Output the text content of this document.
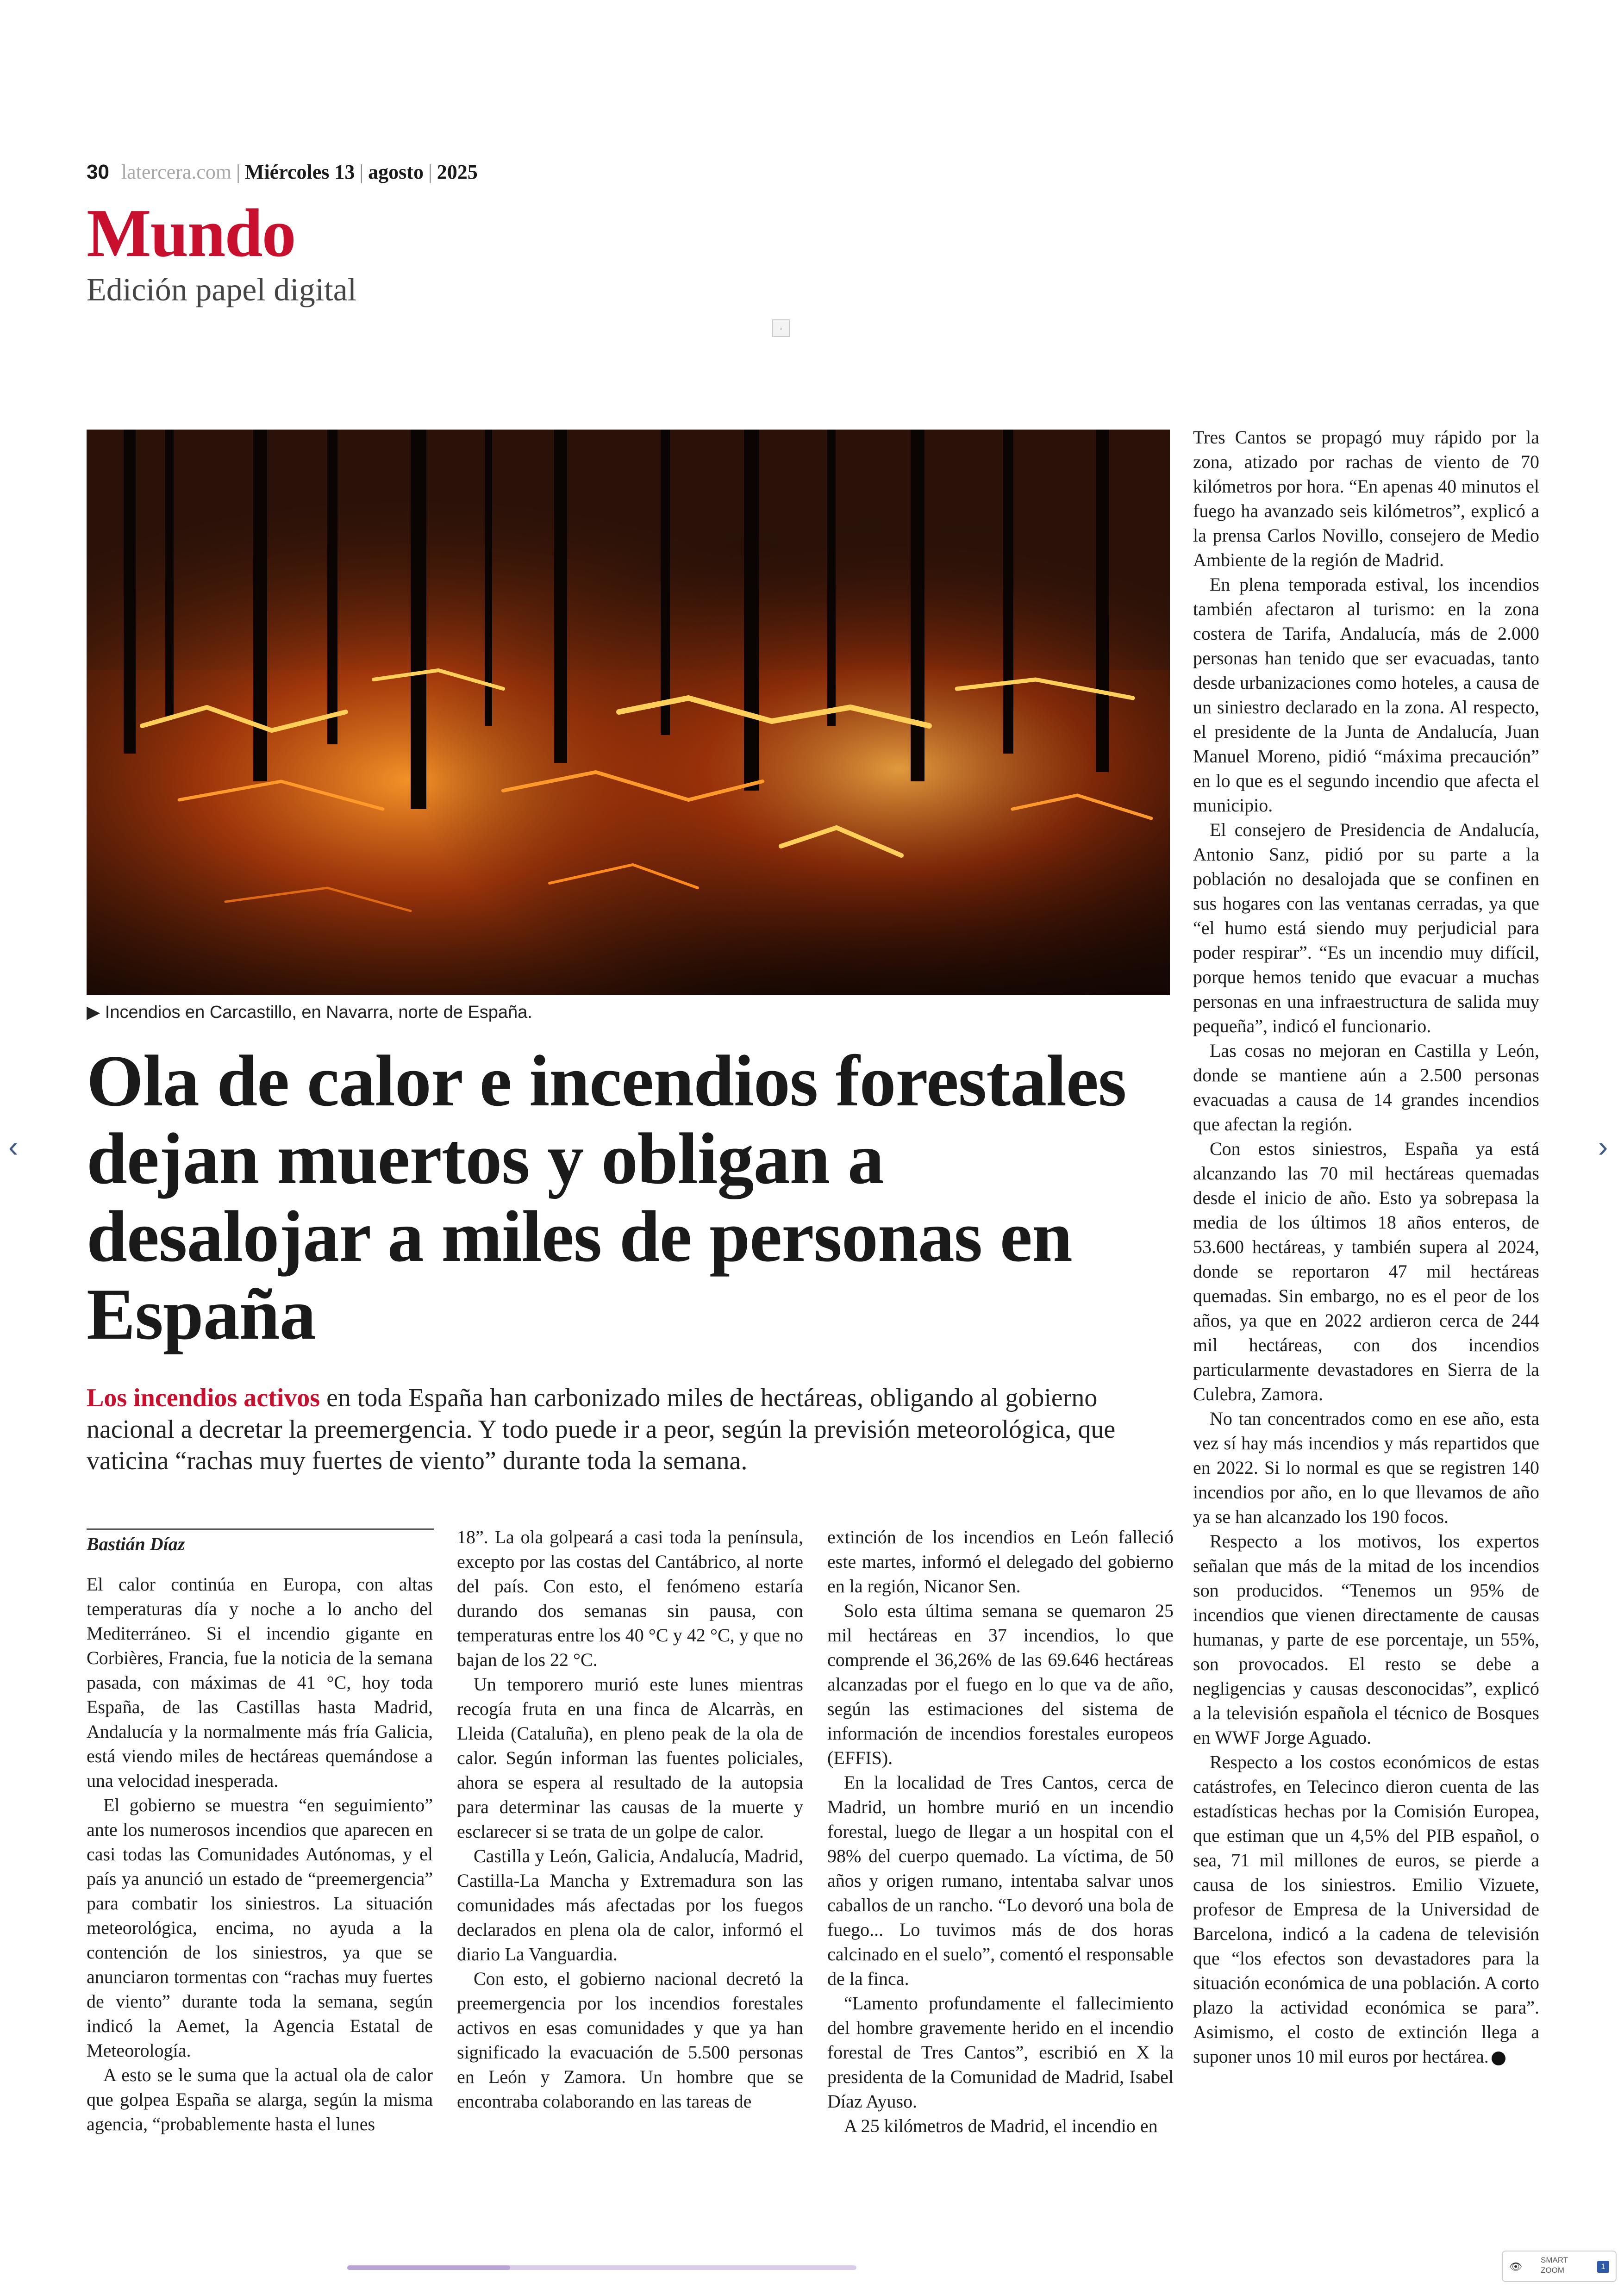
30 latercera.com | Miércoles 13 | agosto | 2025
Mundo
Edición papel digital
▫
▶ Incendios en Carcastillo, en Navarra, norte de España.
Ola de calor e incendios forestales dejan muertos y obligan a desalojar a miles de personas en España
Los incendios activos en toda España han carbonizado miles de hectáreas, obligando al gobierno nacional a decretar la preemergencia. Y todo puede ir a peor, según la previsión meteorológica, que vaticina “rachas muy fuertes de viento” durante toda la semana.
Bastián Díaz

El calor continúa en Europa, con altas temperaturas día y noche a lo ancho del Mediterráneo. Si el incendio gigante en Corbières, Francia, fue la noticia de la semana pasada, con máximas de 41 °C, hoy toda España, de las Castillas hasta Madrid, Andalucía y la normalmente más fría Galicia, está viendo miles de hectáreas quemándose a una velocidad inesperada.

El gobierno se muestra “en seguimiento” ante los numerosos incendios que aparecen en casi todas las Comunidades Autónomas, y el país ya anunció un estado de “preemergencia” para combatir los siniestros. La situación meteorológica, encima, no ayuda a la contención de los siniestros, ya que se anunciaron tormentas con “rachas muy fuertes de viento” durante toda la semana, según indicó la Aemet, la Agencia Estatal de Meteorología.

A esto se le suma que la actual ola de calor que golpea España se alarga, según la misma agencia, “probablemente hasta el lunes

18”. La ola golpeará a casi toda la península, excepto por las costas del Cantábrico, al norte del país. Con esto, el fenómeno estaría durando dos semanas sin pausa, con temperaturas entre los 40 °C y 42 °C, y que no bajan de los 22 °C.

Un temporero murió este lunes mientras recogía fruta en una finca de Alcarràs, en Lleida (Cataluña), en pleno peak de la ola de calor. Según informan las fuentes policiales, ahora se espera al resultado de la autopsia para determinar las causas de la muerte y esclarecer si se trata de un golpe de calor.

Castilla y León, Galicia, Andalucía, Madrid, Castilla-La Mancha y Extremadura son las comunidades más afectadas por los fuegos declarados en plena ola de calor, informó el diario La Vanguardia.

Con esto, el gobierno nacional decretó la preemergencia por los incendios forestales activos en esas comunidades y que ya han significado la evacuación de 5.500 personas en León y Zamora. Un hombre que se encontraba colaborando en las tareas de

extinción de los incendios en León falleció este martes, informó el delegado del gobierno en la región, Nicanor Sen.

Solo esta última semana se quemaron 25 mil hectáreas en 37 incendios, lo que comprende el 36,26% de las 69.646 hectáreas alcanzadas por el fuego en lo que va de año, según las estimaciones del sistema de información de incendios forestales europeos (EFFIS).

En la localidad de Tres Cantos, cerca de Madrid, un hombre murió en un incendio forestal, luego de llegar a un hospital con el 98% del cuerpo quemado. La víctima, de 50 años y origen rumano, intentaba salvar unos caballos de un rancho. “Lo devoró una bola de fuego... Lo tuvimos más de dos horas calcinado en el suelo”, comentó el responsable de la finca.

“Lamento profundamente el fallecimiento del hombre gravemente herido en el incendio forestal de Tres Cantos”, escribió en X la presidenta de la Comunidad de Madrid, Isabel Díaz Ayuso.

A 25 kilómetros de Madrid, el incendio en

Tres Cantos se propagó muy rápido por la zona, atizado por rachas de viento de 70 kilómetros por hora. “En apenas 40 minutos el fuego ha avanzado seis kilómetros”, explicó a la prensa Carlos Novillo, consejero de Medio Ambiente de la región de Madrid.

En plena temporada estival, los incendios también afectaron al turismo: en la zona costera de Tarifa, Andalucía, más de 2.000 personas han tenido que ser evacuadas, tanto desde urbanizaciones como hoteles, a causa de un siniestro declarado en la zona. Al respecto, el presidente de la Junta de Andalucía, Juan Manuel Moreno, pidió “máxima precaución” en lo que es el segundo incendio que afecta el municipio.

El consejero de Presidencia de Andalucía, Antonio Sanz, pidió por su parte a la población no desalojada que se confinen en sus hogares con las ventanas cerradas, ya que “el humo está siendo muy perjudicial para poder respirar”. “Es un incendio muy difícil, porque hemos tenido que evacuar a muchas personas en una infraestructura de salida muy pequeña”, indicó el funcionario.

Las cosas no mejoran en Castilla y León, donde se mantiene aún a 2.500 personas evacuadas a causa de 14 grandes incendios que afectan la región.

Con estos siniestros, España ya está alcanzando las 70 mil hectáreas quemadas desde el inicio de año. Esto ya sobrepasa la media de los últimos 18 años enteros, de 53.600 hectáreas, y también supera al 2024, donde se reportaron 47 mil hectáreas quemadas. Sin embargo, no es el peor de los años, ya que en 2022 ardieron cerca de 244 mil hectáreas, con dos incendios particularmente devastadores en Sierra de la Culebra, Zamora.

No tan concentrados como en ese año, esta vez sí hay más incendios y más repartidos que en 2022. Si lo normal es que se registren 140 incendios por año, en lo que llevamos de año ya se han alcanzado los 190 focos.

Respecto a los motivos, los expertos señalan que más de la mitad de los incendios son producidos. “Tenemos un 95% de incendios que vienen directamente de causas humanas, y parte de ese porcentaje, un 55%, son provocados. El resto se debe a negligencias y causas desconocidas”, explicó a la televisión española el técnico de Bosques en WWF Jorge Aguado.

Respecto a los costos económicos de estas catástrofes, en Telecinco dieron cuenta de las estadísticas hechas por la Comisión Europea, que estiman que un 4,5% del PIB español, o sea, 71 mil millones de euros, se pierde a causa de los siniestros. Emilio Vizuete, profesor de Empresa de la Universidad de Barcelona, indicó a la cadena de televisión que “los efectos son devastadores para la situación económica de una población. A corto plazo la actividad económica se para”. Asimismo, el costo de extinción llega a suponer unos 10 mil euros por hectárea.

‹	›
👁
SMART ZOOM	1
